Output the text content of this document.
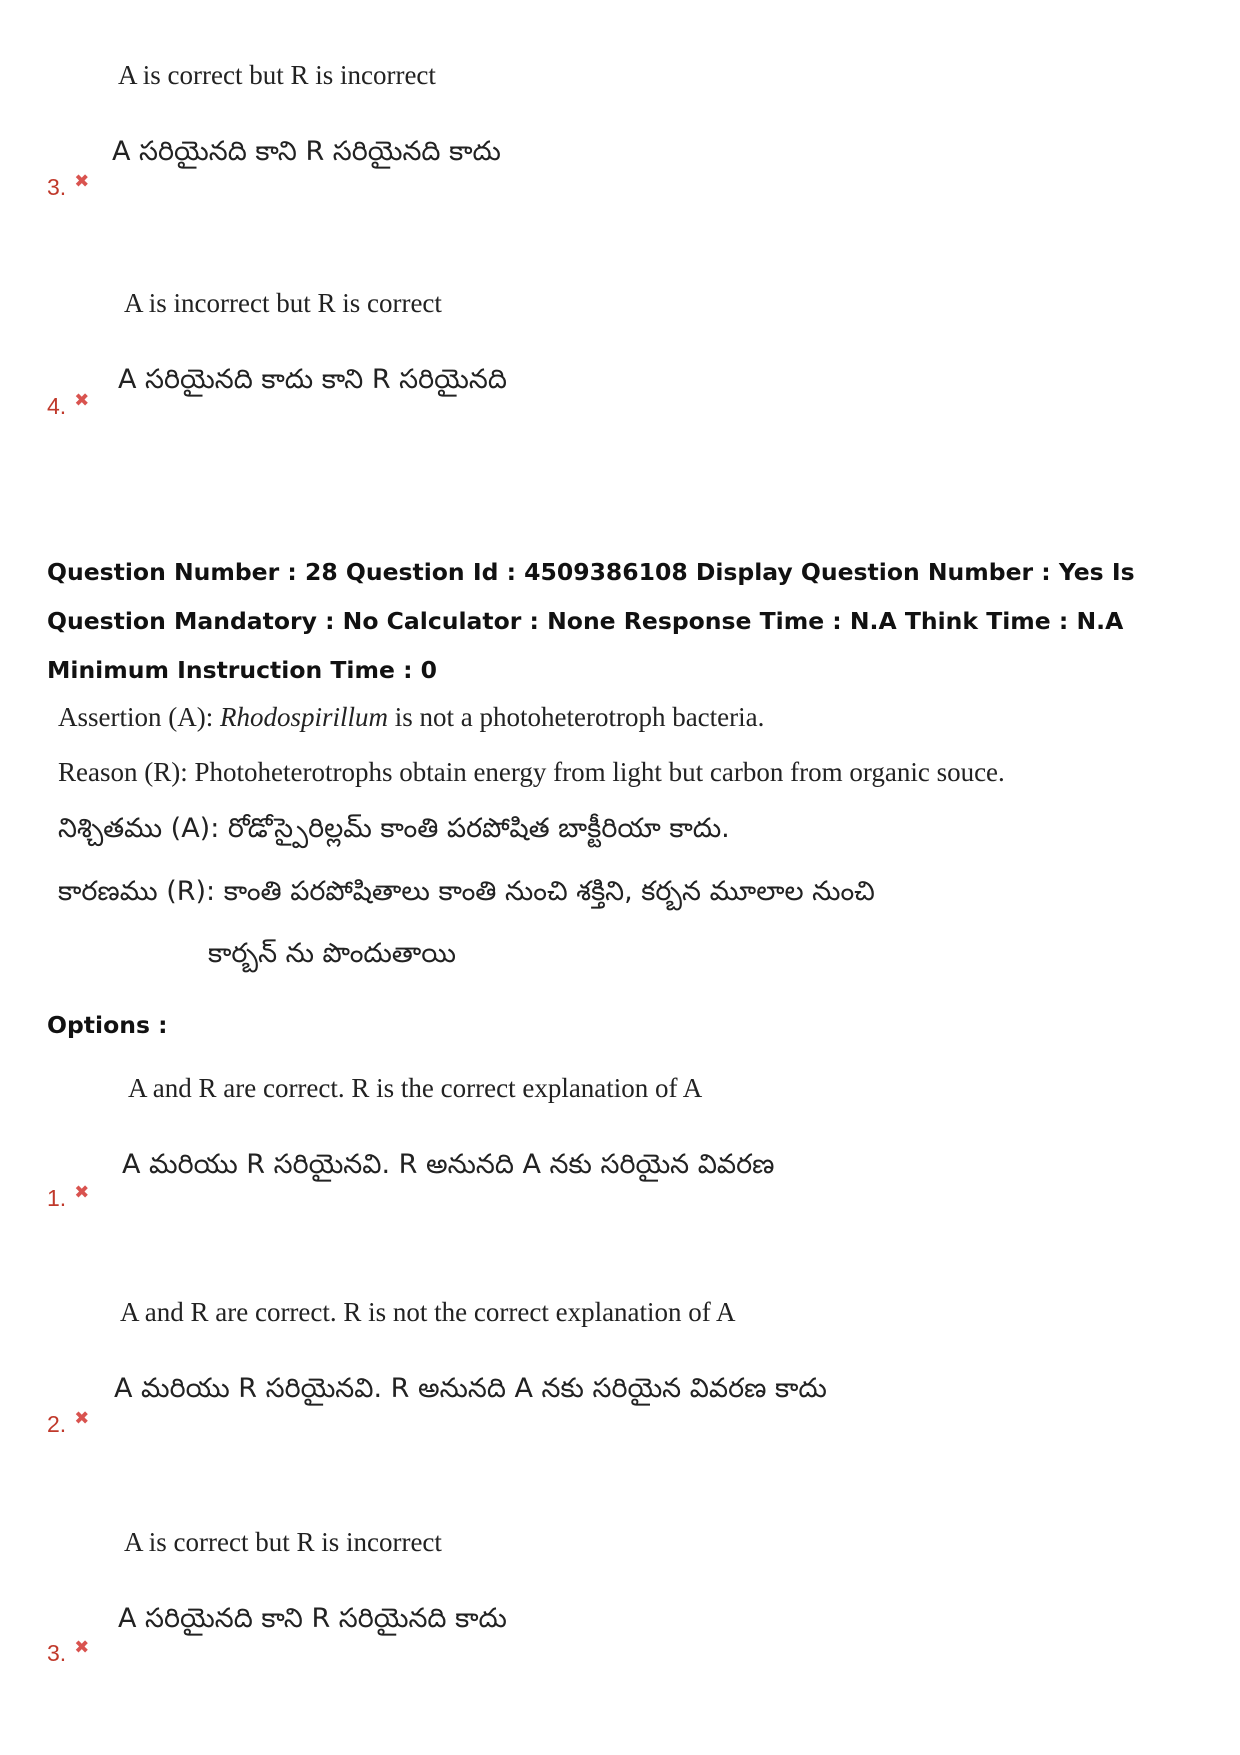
A is correct but R is incorrect
A సరియైనది కాని R సరియైనది కాదు
3. ✖
A is incorrect but R is correct
A సరియైనది కాదు కాని R సరియైనది
4. ✖
Question Number : 28 Question Id : 4509386108 Display Question Number : Yes Is Question Mandatory : No Calculator : None Response Time : N.A Think Time : N.A Minimum Instruction Time : 0
Assertion (A): Rhodospirillum is not a photoheterotroph bacteria.
Reason (R): Photoheterotrophs obtain energy from light but carbon from organic souce.
నిశ్చితము (A): రోడోస్పైరిల్లమ్ కాంతి పరపోషిత బాక్టీరియా కాదు.
కారణము (R): కాంతి పరపోషితాలు కాంతి నుంచి శక్తిని, కర్బన మూలాల నుంచి
కార్బన్ ను పొందుతాయి
Options :
A and R are correct. R is the correct explanation of A
A మరియు R సరియైనవి. R అనునది A నకు సరియైన వివరణ
1. ✖
A and R are correct. R is not the correct explanation of A
A మరియు R సరియైనవి. R అనునది A నకు సరియైన వివరణ కాదు
2. ✖
A is correct but R is incorrect
A సరియైనది కాని R సరియైనది కాదు
3. ✖
